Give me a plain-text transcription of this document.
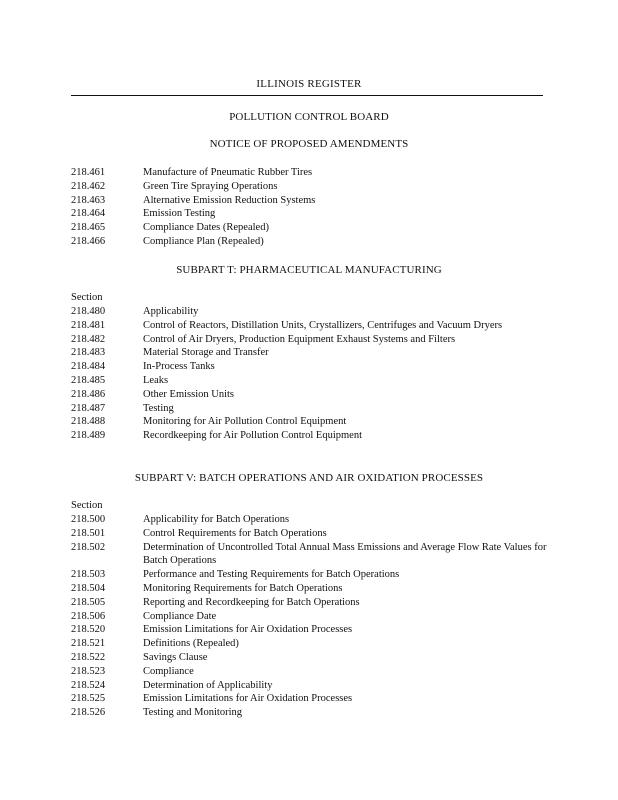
ILLINOIS REGISTER
POLLUTION CONTROL BOARD
NOTICE OF PROPOSED AMENDMENTS
218.461	Manufacture of Pneumatic Rubber Tires
218.462	Green Tire Spraying Operations
218.463	Alternative Emission Reduction Systems
218.464	Emission Testing
218.465	Compliance Dates (Repealed)
218.466	Compliance Plan (Repealed)
SUBPART T: PHARMACEUTICAL MANUFACTURING
Section
218.480	Applicability
218.481	Control of Reactors, Distillation Units, Crystallizers, Centrifuges and Vacuum Dryers
218.482	Control of Air Dryers, Production Equipment Exhaust Systems and Filters
218.483	Material Storage and Transfer
218.484	In-Process Tanks
218.485	Leaks
218.486	Other Emission Units
218.487	Testing
218.488	Monitoring for Air Pollution Control Equipment
218.489	Recordkeeping for Air Pollution Control Equipment
SUBPART V: BATCH OPERATIONS AND AIR OXIDATION PROCESSES
Section
218.500	Applicability for Batch Operations
218.501	Control Requirements for Batch Operations
218.502	Determination of Uncontrolled Total Annual Mass Emissions and Average Flow Rate Values for Batch Operations
218.503	Performance and Testing Requirements for Batch Operations
218.504	Monitoring Requirements for Batch Operations
218.505	Reporting and Recordkeeping for Batch Operations
218.506	Compliance Date
218.520	Emission Limitations for Air Oxidation Processes
218.521	Definitions (Repealed)
218.522	Savings Clause
218.523	Compliance
218.524	Determination of Applicability
218.525	Emission Limitations for Air Oxidation Processes
218.526	Testing and Monitoring
